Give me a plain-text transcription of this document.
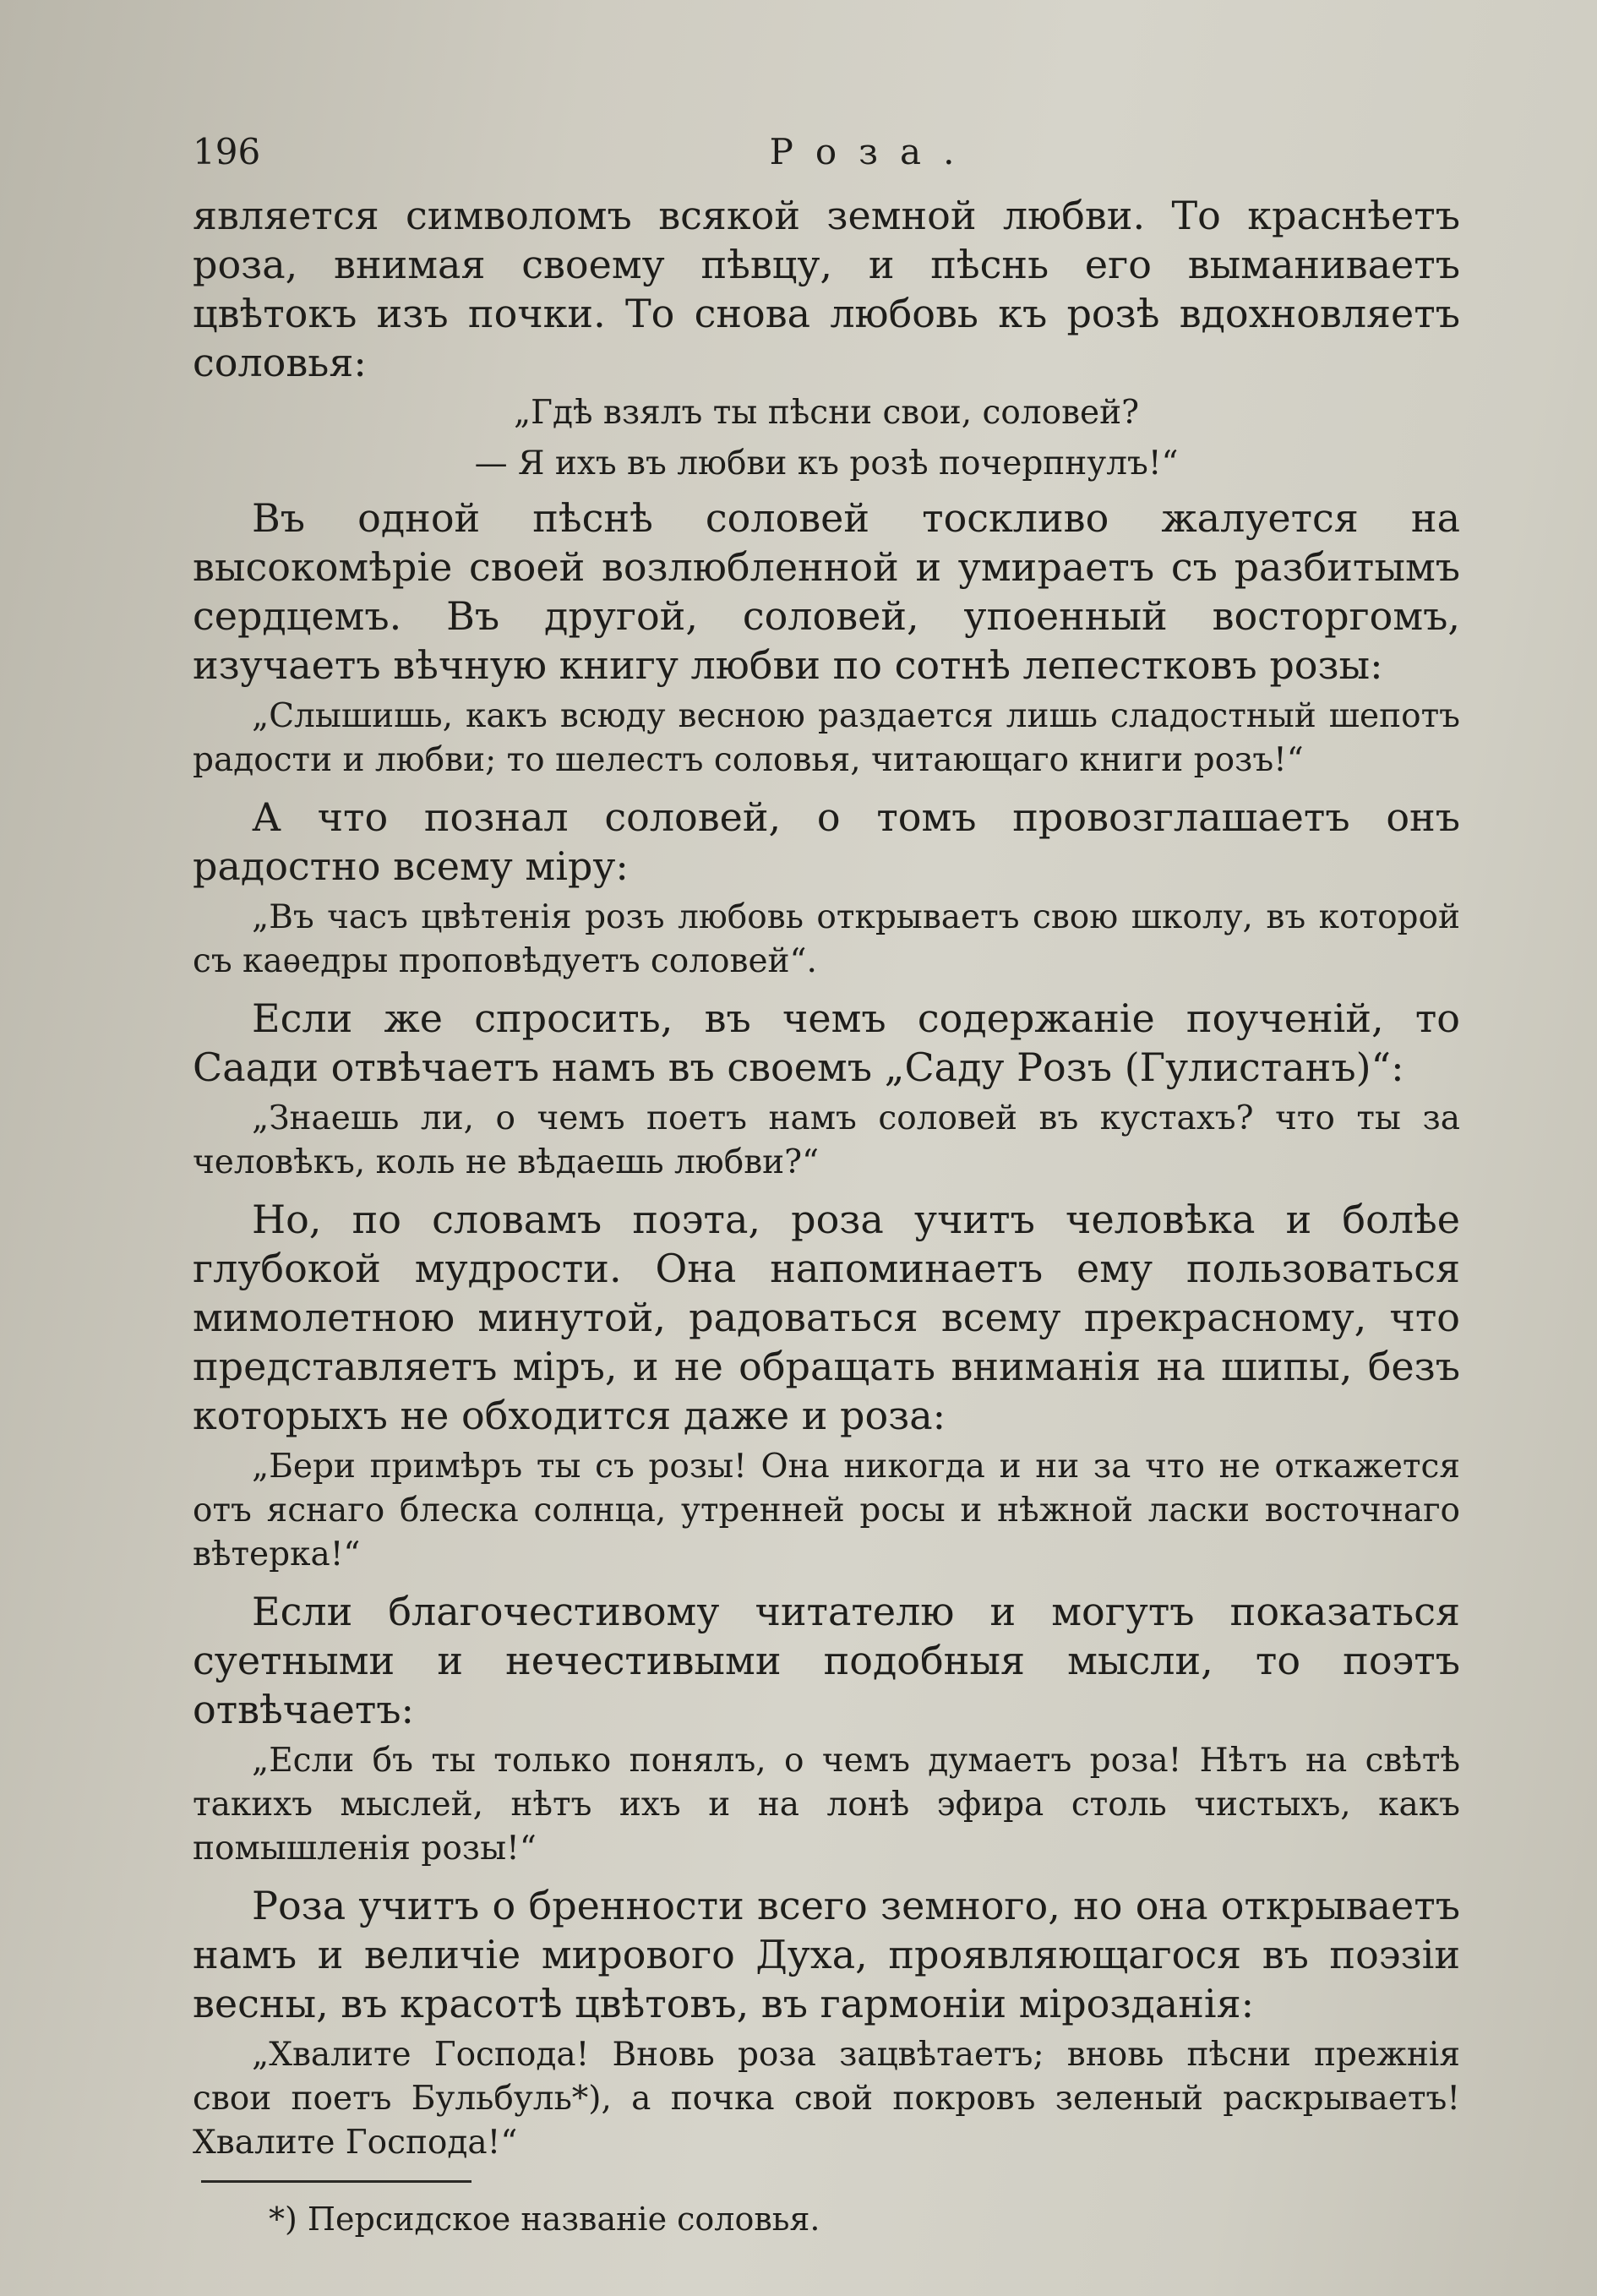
196	Роза.

является символомъ всякой земной любви. То краснѣетъ роза, внимая своему пѣвцу, и пѣснь его выманиваетъ цвѣтокъ изъ почки. То снова любовь къ розѣ вдохновляетъ соловья:

„Гдѣ взялъ ты пѣсни свои, соловей?
— Я ихъ въ любви къ розѣ почерпнулъ!“

Въ одной пѣснѣ соловей тоскливо жалуется на высокомѣріе своей возлюбленной и умираетъ съ разбитымъ сердцемъ. Въ другой, соловей, упоенный восторгомъ, изучаетъ вѣчную книгу любви по сотнѣ лепестковъ розы:

„Слышишь, какъ всюду весною раздается лишь сладостный шепотъ радости и любви; то шелестъ соловья, читающаго книги розъ!“

А что познал соловей, о томъ провозглашаетъ онъ радостно всему міру:

„Въ часъ цвѣтенія розъ любовь открываетъ свою школу, въ которой съ каѳедры проповѣдуетъ соловей“.

Если же спросить, въ чемъ содержаніе поученій, то Саади отвѣчаетъ намъ въ своемъ „Саду Розъ (Гулистанъ)“:

„Знаешь ли, о чемъ поетъ намъ соловей въ кустахъ? что ты за человѣкъ, коль не вѣдаешь любви?“

Но, по словамъ поэта, роза учитъ человѣка и болѣе глубокой мудрости. Она напоминаетъ ему пользоваться мимолетною минутой, радоваться всему прекрасному, что представляетъ міръ, и не обращать вниманія на шипы, безъ которыхъ не обходится даже и роза:

„Бери примѣръ ты съ розы! Она никогда и ни за что не откажется отъ яснаго блеска солнца, утренней росы и нѣжной ласки восточнаго вѣтерка!“

Если благочестивому читателю и могутъ показаться суетными и нечестивыми подобныя мысли, то поэтъ отвѣчаетъ:

„Если бъ ты только понялъ, о чемъ думаетъ роза! Нѣтъ на свѣтѣ такихъ мыслей, нѣтъ ихъ и на лонѣ эфира столь чистыхъ, какъ помышленія розы!“

Роза учитъ о бренности всего земного, но она открываетъ намъ и величіе мирового Духа, проявляющагося въ поэзіи весны, въ красотѣ цвѣтовъ, въ гармоніи мірозданія:

„Хвалите Господа! Вновь роза зацвѣтаетъ; вновь пѣсни прежнія свои поетъ Бульбуль*), а почка свой покровъ зеленый раскрываетъ! Хвалите Господа!“

*) Персидское названіе соловья.
